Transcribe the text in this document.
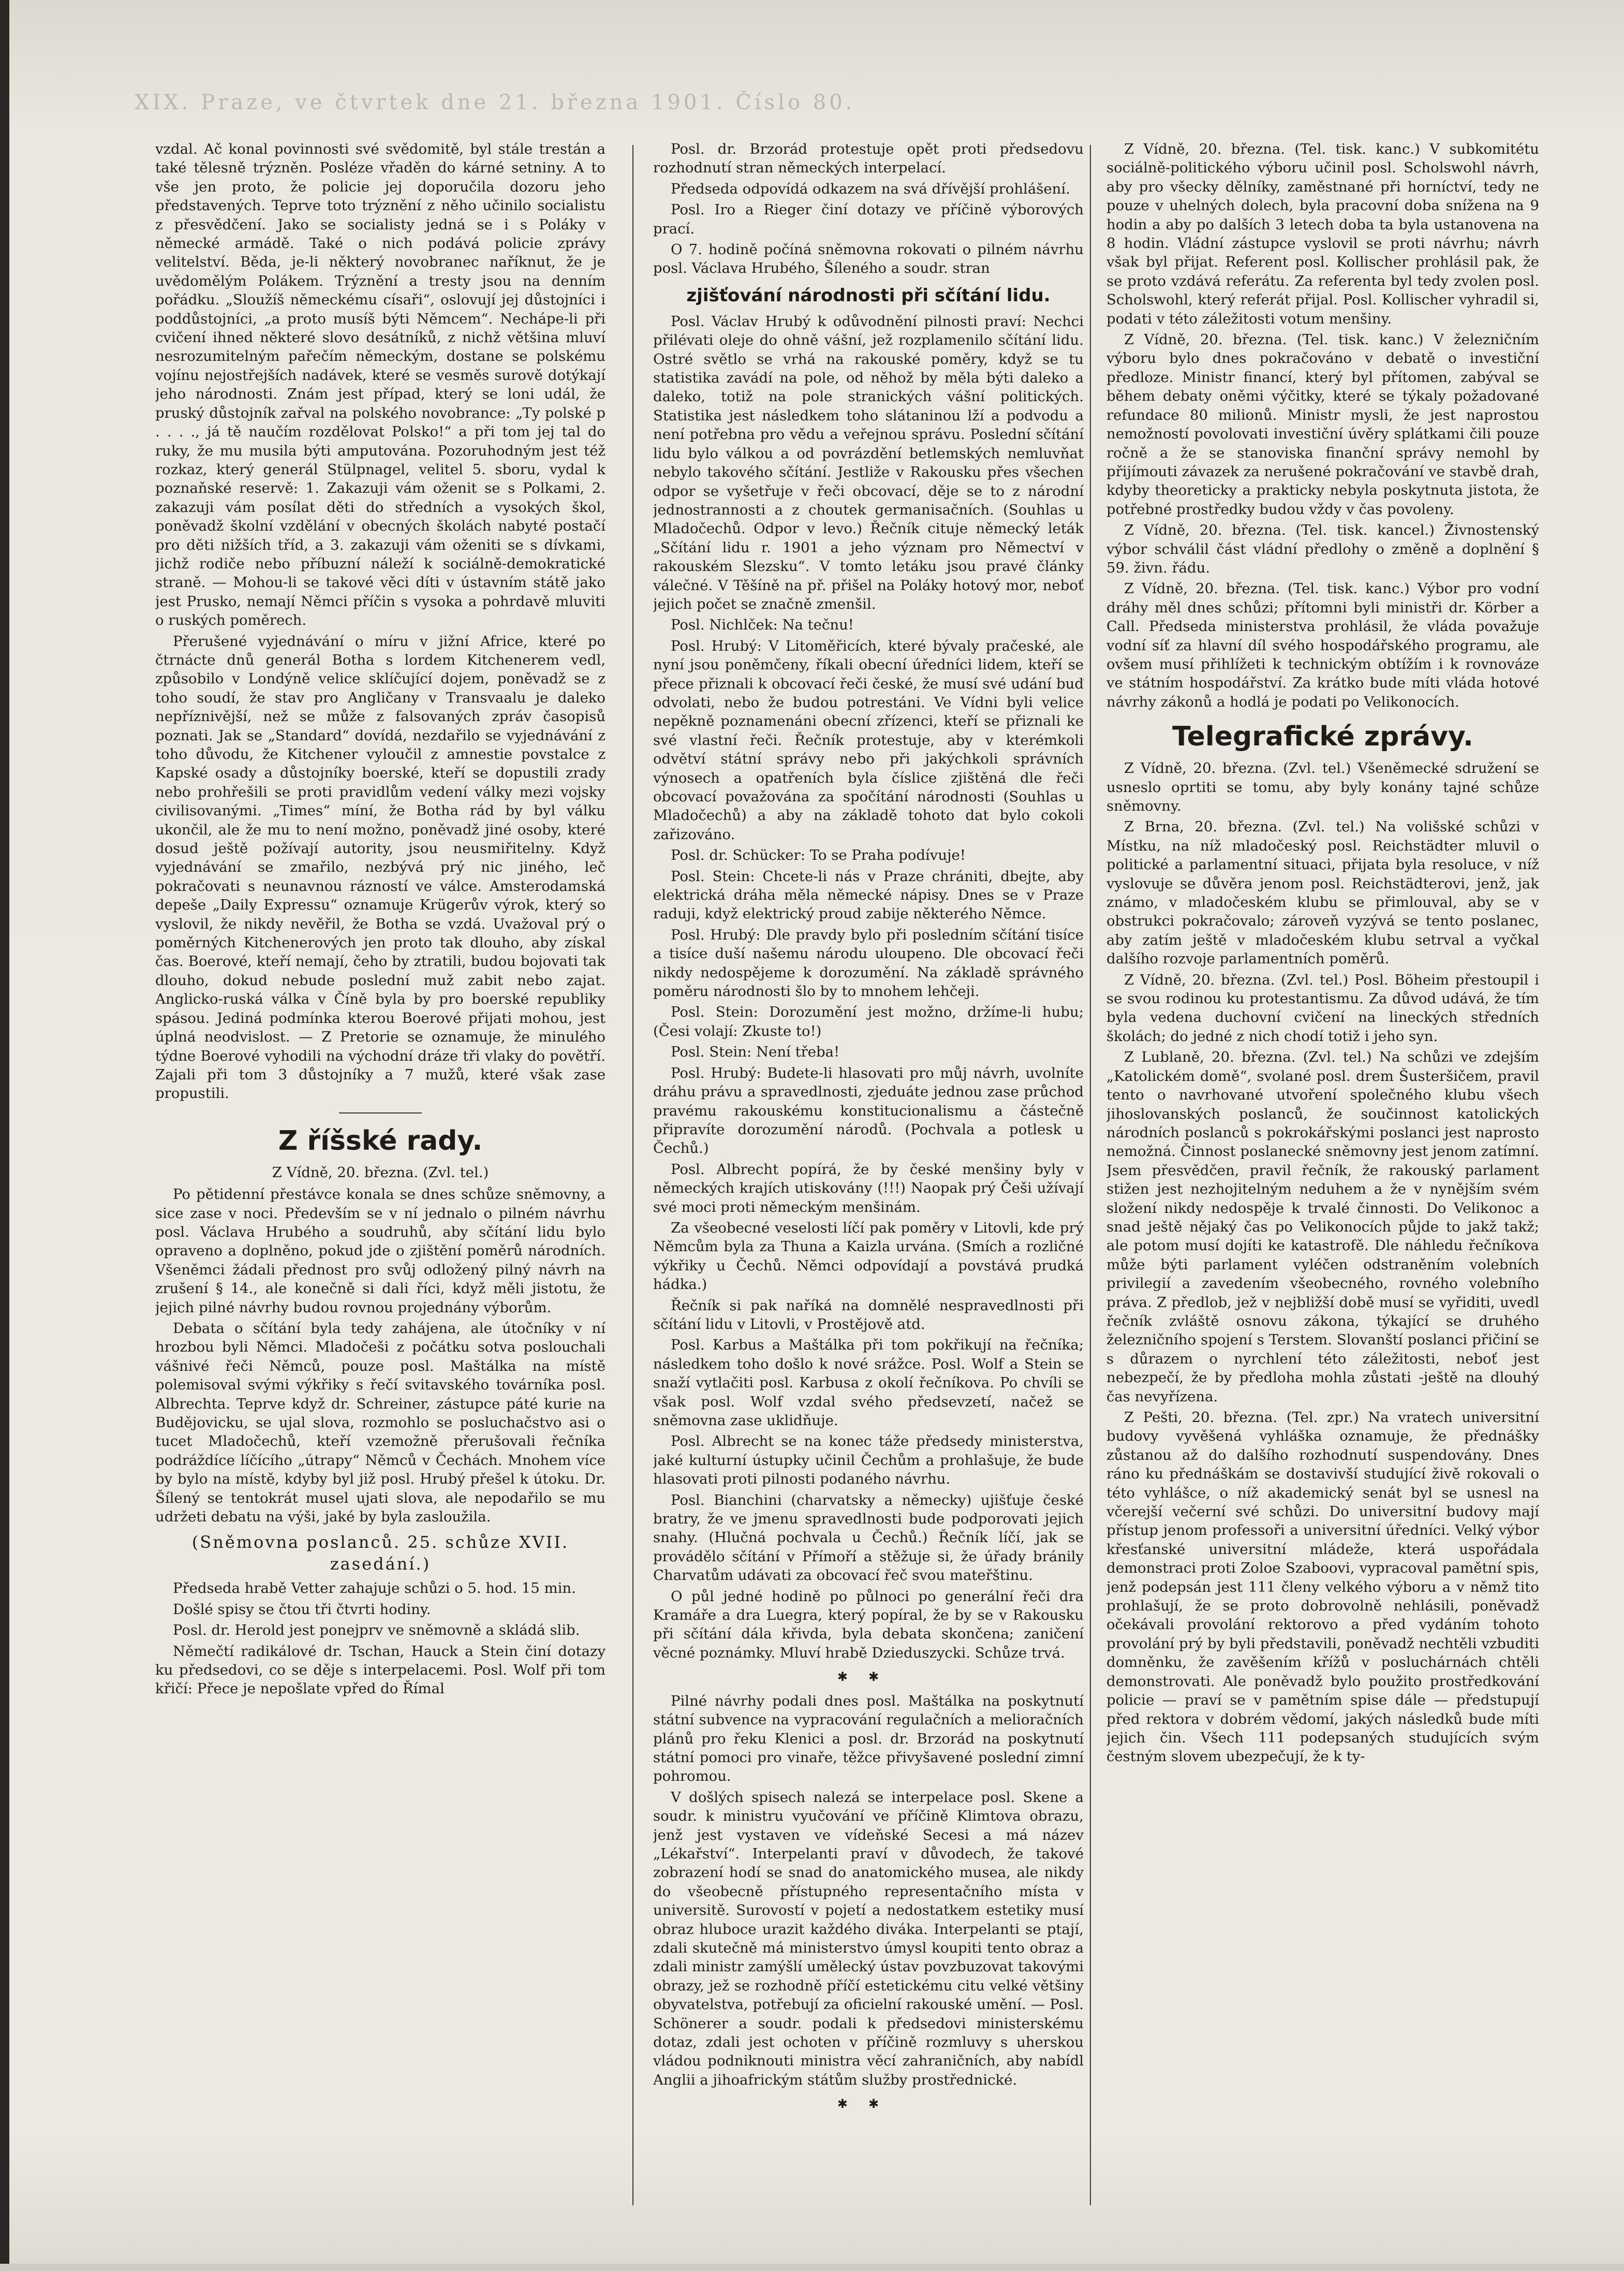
XIX. Praze, ve čtvrtek dne 21. března 1901. Číslo 80.

vzdal. Ač konal povinnosti své svědomitě, byl stále trestán a také tělesně trýzněn. Posléze vřaděn do kárné setniny. A to vše jen proto, že policie jej doporučila dozoru jeho představených. Teprve toto trýznění z něho učinilo socialistu z přesvědčení. Jako se socialisty jedná se i s Poláky v německé armádě. Také o nich podává policie zprávy velitelství. Běda, je-li některý novobranec naříknut, že je uvědomělým Polákem. Trýznění a tresty jsou na denním pořádku. „Sloužíš německému císaři“, oslovují jej důstojníci i poddůstojníci, „a proto musíš býti Němcem“. Nechápe-li při cvičení ihned některé slovo desátníků, z nichž většina mluví nesrozumitelným pařečím německým, dostane se polskému vojínu nejostřejších nadávek, které se vesměs surově dotýkají jeho národnosti. Znám jest případ, který se loni udál, že pruský důstojník zařval na polského novobrance: „Ty polské p . . . ., já tě naučím rozdělovat Polsko!“ a při tom jej tal do ruky, že mu musila býti amputována. Pozoruhodným jest též rozkaz, který generál Stülpnagel, velitel 5. sboru, vydal k poznaňské reservě: 1. Zakazuji vám oženit se s Polkami, 2. zakazuji vám posílat děti do středních a vysokých škol, poněvadž školní vzdělání v obecných školách nabyté postačí pro děti nižších tříd, a 3. zakazuji vám oženiti se s dívkami, jichž rodiče nebo příbuzní náleží k sociálně-demokratické straně. — Mohou-li se takové věci díti v ústavním státě jako jest Prusko, nemají Němci příčin s vysoka a pohrdavě mluviti o ruských poměrech.

Přerušené vyjednávání o míru v jižní Africe, které po čtrnácte dnů generál Botha s lordem Kitchenerem vedl, způsobilo v Londýně velice sklíčující dojem, poněvadž se z toho soudí, že stav pro Angličany v Transvaalu je daleko nepříznivější, než se může z falsovaných zpráv časopisů poznati. Jak se „Standard“ dovídá, nezdařilo se vyjednávání z toho důvodu, že Kitchener vyloučil z amnestie povstalce z Kapské osady a důstojníky boerské, kteří se dopustili zrady nebo prohřešili se proti pravidlům vedení války mezi vojsky civilisovanými. „Times“ míní, že Botha rád by byl válku ukončil, ale že mu to není možno, poněvadž jiné osoby, které dosud ještě požívají autority, jsou neusmiřitelny. Když vyjednávání se zmařilo, nezbývá prý nic jiného, leč pokračovati s neunavnou rázností ve válce. Amsterodamská depeše „Daily Expressu“ oznamuje Krügerův výrok, který so vyslovil, že nikdy nevěřil, že Botha se vzdá. Uvažoval prý o poměrných Kitchenerových jen proto tak dlouho, aby získal čas. Boerové, kteří nemají, čeho by ztratili, budou bojovati tak dlouho, dokud nebude poslední muž zabit nebo zajat. Anglicko-ruská válka v Číně byla by pro boerské republiky spásou. Jediná podmínka kterou Boerové přijati mohou, jest úplná neodvislost. — Z Pretorie se oznamuje, že minulého týdne Boerové vyhodili na východní dráze tři vlaky do povětří. Zajali při tom 3 důstojníky a 7 mužů, které však zase propustili.

Z říšské rady.

Z Vídně, 20. března. (Zvl. tel.)

Po pětidenní přestávce konala se dnes schůze sněmovny, a sice zase v noci. Především se v ní jednalo o pilném návrhu posl. Václava Hrubého a soudruhů, aby sčítání lidu bylo opraveno a doplněno, pokud jde o zjištění poměrů národních. Všeněmci žádali přednost pro svůj odložený pilný návrh na zrušení § 14., ale konečně si dali říci, když měli jistotu, že jejich pilné návrhy budou rovnou projednány výborům.

Debata o sčítání byla tedy zahájena, ale útočníky v ní hrozbou byli Němci. Mladočeši z počátku sotva poslouchali vášnivé řeči Němců, pouze posl. Maštálka na místě polemisoval svými výkřiky s řečí svitavského továrníka posl. Albrechta. Teprve když dr. Schreiner, zástupce páté kurie na Budějovicku, se ujal slova, rozmohlo se posluchačstvo asi o tucet Mladočechů, kteří vzemožně přerušovali řečníka podráždíce líčícího „útrapy“ Němců v Čechách. Mnohem více by bylo na místě, kdyby byl již posl. Hrubý přešel k útoku. Dr. Šílený se tentokrát musel ujati slova, ale nepodařilo se mu udržeti debatu na výši, jaké by byla zasloužila.

(Sněmovna poslanců. 25. schůze XVII. zasedání.)

Předseda hrabě Vetter zahajuje schůzi o 5. hod. 15 min.

Došlé spisy se čtou tři čtvrti hodiny.

Posl. dr. Herold jest ponejprv ve sněmovně a skládá slib.

Němečtí radikálové dr. Tschan, Hauck a Stein činí dotazy ku předsedovi, co se děje s interpelacemi. Posl. Wolf při tom křičí: Přece je nepošlate vpřed do Římal

Posl. dr. Brzorád protestuje opět proti předsedovu rozhodnutí stran německých interpelací.

Předseda odpovídá odkazem na svá dřívější prohlášení.

Posl. Iro a Rieger činí dotazy ve příčině výborových prací.

O 7. hodině počíná sněmovna rokovati o pilném návrhu posl. Václava Hrubého, Šíleného a soudr. stran

zjišťování národnosti při sčítání lidu.

Posl. Václav Hrubý k odůvodnění pilnosti praví: Nechci přilévati oleje do ohně vášní, jež rozplamenilo sčítání lidu. Ostré světlo se vrhá na rakouské poměry, když se tu statistika zavádí na pole, od něhož by měla býti daleko a daleko, totiž na pole stranických vášní politických. Statistika jest následkem toho slátaninou lží a podvodu a není potřebna pro vědu a veřejnou správu. Poslední sčítání lidu bylo válkou a od povrázdění betlemských nemluvňat nebylo takového sčítání. Jestliže v Rakousku přes všechen odpor se vyšetřuje v řeči obcovací, děje se to z národní jednostrannosti a z choutek germanisačních. (Souhlas u Mladočechů. Odpor v levo.) Řečník cituje německý leták „Sčítání lidu r. 1901 a jeho význam pro Němectví v rakouském Slezsku“. V tomto letáku jsou pravé články válečné. V Těšíně na př. přišel na Poláky hotový mor, neboť jejich počet se značně zmenšil.

Posl. Nichlček: Na tečnu!

Posl. Hrubý: V Litoměřicích, které bývaly pračeské, ale nyní jsou poněmčeny, říkali obecní úředníci lidem, kteří se přece přiznali k obcovací řeči české, že musí své udání buď odvolati, nebo že budou potrestáni. Ve Vídni byli velice nepěkně poznamenáni obecní zřízenci, kteří se přiznali ke své vlastní řeči. Řečník protestuje, aby v kterémkoli odvětví státní správy nebo při jakýchkoli správních výnosech a opatřeních byla číslice zjištěná dle řeči obcovací považována za spočítání národnosti (Souhlas u Mladočechů) a aby na základě tohoto dat bylo cokoli zařizováno.

Posl. dr. Schücker: To se Praha podívuje!

Posl. Stein: Chcete-li nás v Praze chrániti, dbejte, aby elektrická dráha měla německé nápisy. Dnes se v Praze raduji, když elektrický proud zabije některého Němce.

Posl. Hrubý: Dle pravdy bylo při posledním sčítání tisíce a tisíce duší našemu národu uloupeno. Dle obcovací řeči nikdy nedospějeme k dorozumění. Na základě správného poměru národnosti šlo by to mnohem lehčeji.

Posl. Stein: Dorozumění jest možno, držíme-li hubu; (Česi volají: Zkuste to!)

Posl. Stein: Není třeba!

Posl. Hrubý: Budete-li hlasovati pro můj návrh, uvolníte dráhu právu a spravedlnosti, zjeduáte jednou zase průchod pravému rakouskému konstitucionalismu a částečně připravíte dorozumění národů. (Pochvala a potlesk u Čechů.)

Posl. Albrecht popírá, že by české menšiny byly v německých krajích utiskovány (!!!) Naopak prý Češi užívají své moci proti německým menšinám.

Za všeobecné veselosti líčí pak poměry v Litovli, kde prý Němcům byla za Thuna a Kaizla urvána. (Smích a rozličné výkřiky u Čechů. Němci odpovídají a povstává prudká hádka.)

Řečník si pak naříká na domnělé nespravedlnosti při sčítání lidu v Litovli, v Prostějově atd.

Posl. Karbus a Maštálka při tom pokřikují na řečníka; následkem toho došlo k nové srážce. Posl. Wolf a Stein se snaží vytlačiti posl. Karbusa z okolí řečníkova. Po chvíli se však posl. Wolf vzdal svého předsevzetí, načež se sněmovna zase uklidňuje.

Posl. Albrecht se na konec táže předsedy ministerstva, jaké kulturní ústupky učinil Čechům a prohlašuje, že bude hlasovati proti pilnosti podaného návrhu.

Posl. Bianchini (charvatsky a německy) ujišťuje české bratry, že ve jmenu spravedlnosti bude podporovati jejich snahy. (Hlučná pochvala u Čechů.) Řečník líčí, jak se provádělo sčítání v Přímoří a stěžuje si, že úřady bránily Charvatům udávati za obcovací řeč svou mateřštinu.

O půl jedné hodině po půlnoci po generální řeči dra Kramáře a dra Luegra, který popíral, že by se v Rakousku při sčítání dála křivda, byla debata skončena; zaničení věcné poznámky. Mluví hrabě Dzieduszycki. Schůze trvá.

✱✱

Pilné návrhy podali dnes posl. Maštálka na poskytnutí státní subvence na vypracování regulačních a melioračních plánů pro řeku Klenici a posl. dr. Brzorád na poskytnutí státní pomoci pro vinaře, těžce přivyšavené poslední zimní pohromou.

V došlých spisech nalezá se interpelace posl. Skene a soudr. k ministru vyučování ve příčině Klimtova obrazu, jenž jest vystaven ve vídeňské Secesi a má název „Lékařství“. Interpelanti praví v důvodech, že takové zobrazení hodí se snad do anatomického musea, ale nikdy do všeobecně přístupného representačního místa v universitě. Surovostí v pojetí a nedostatkem estetiky musí obraz hluboce urazit každého diváka. Interpelanti se ptají, zdali skutečně má ministerstvo úmysl koupiti tento obraz a zdali ministr zamýšlí umělecký ústav povzbuzovat takovými obrazy, jež se rozhodně příčí estetickému citu velké většiny obyvatelstva, potřebují za oficielní rakouské umění. — Posl. Schönerer a soudr. podali k předsedovi ministerskému dotaz, zdali jest ochoten v příčině rozmluvy s uherskou vládou podniknouti ministra věcí zahraničních, aby nabídl Anglii a jihoafrickým státům služby prostřednické.

✱✱

Z Vídně, 20. března. (Tel. tisk. kanc.) V subkomitétu sociálně-politického výboru učinil posl. Scholswohl návrh, aby pro všecky dělníky, zaměstnané při horníctví, tedy ne pouze v uhelných dolech, byla pracovní doba snížena na 9 hodin a aby po dalších 3 letech doba ta byla ustanovena na 8 hodin. Vládní zástupce vyslovil se proti návrhu; návrh však byl přijat. Referent posl. Kollischer prohlásil pak, že se proto vzdává referátu. Za referenta byl tedy zvolen posl. Scholswohl, který referát přijal. Posl. Kollischer vyhradil si, podati v této záležitosti votum menšiny.

Z Vídně, 20. března. (Tel. tisk. kanc.) V železničním výboru bylo dnes pokračováno v debatě o investiční předloze. Ministr financí, který byl přítomen, zabýval se během debaty oněmi výčitky, které se týkaly požadované refundace 80 milionů. Ministr mysli, že jest naprostou nemožností povolovati investiční úvěry splátkami čili pouze ročně a že se stanoviska finanční správy nemohl by přijímouti závazek za nerušené pokračování ve stavbě drah, kdyby theoreticky a prakticky nebyla poskytnuta jistota, že potřebné prostředky budou vždy v čas povoleny.

Z Vídně, 20. března. (Tel. tisk. kancel.) Živnostenský výbor schválil část vládní předlohy o změně a doplnění § 59. živn. řádu.

Z Vídně, 20. března. (Tel. tisk. kanc.) Výbor pro vodní dráhy měl dnes schůzi; přítomni byli ministři dr. Körber a Call. Předseda ministerstva prohlásil, že vláda považuje vodní síť za hlavní díl svého hospodářského programu, ale ovšem musí přihlížeti k technickým obtížím i k rovnováze ve státním hospodářství. Za krátko bude míti vláda hotové návrhy zákonů a hodlá je podati po Velikonocích.

Telegrafické zprávy.

Z Vídně, 20. března. (Zvl. tel.) Všeněmecké sdružení se usneslo oprtiti se tomu, aby byly konány tajné schůze sněmovny.

Z Brna, 20. března. (Zvl. tel.) Na volišské schůzi v Místku, na níž mladočeský posl. Reichstädter mluvil o politické a parlamentní situaci, přijata byla resoluce, v níž vyslovuje se důvěra jenom posl. Reichstädterovi, jenž, jak známo, v mladočeském klubu se přimlouval, aby se v obstrukci pokračovalo; zároveň vyzývá se tento poslanec, aby zatím ještě v mladočeském klubu setrval a vyčkal dalšího rozvoje parlamentních poměrů.

Z Vídně, 20. března. (Zvl. tel.) Posl. Böheim přestoupil i se svou rodinou ku protestantismu. Za důvod udává, že tím byla vedena duchovní cvičení na lineckých středních školách; do jedné z nich chodí totiž i jeho syn.

Z Lublaně, 20. března. (Zvl. tel.) Na schůzi ve zdejším „Katolickém domě“, svolané posl. drem Šusteršičem, pravil tento o navrhované utvoření společného klubu všech jihoslovanských poslanců, že součinnost katolických národních poslanců s pokrokářskými poslanci jest naprosto nemožná. Činnost poslanecké sněmovny jest jenom zatímní. Jsem přesvědčen, pravil řečník, že rakouský parlament stižen jest nezhojitelným neduhem a že v nynějším svém složení nikdy nedospěje k trvalé činnosti. Do Velikonoc a snad ještě nějaký čas po Velikonocích půjde to jakž takž; ale potom musí dojíti ke katastrofě. Dle náhledu řečníkova může býti parlament vyléčen odstraněním volebních privilegií a zavedením všeobecného, rovného volebního práva. Z předlob, jež v nejbližší době musí se vyřiditi, uvedl řečník zvláště osnovu zákona, týkající se druhého železničního spojení s Terstem. Slovanští poslanci přičiní se s důrazem o nyrchlení této záležitosti, neboť jest nebezpečí, že by předloha mohla zůstati -ještě na dlouhý čas nevyřízena.

Z Pešti, 20. března. (Tel. zpr.) Na vratech universitní budovy vyvěšená vyhláška oznamuje, že přednášky zůstanou až do dalšího rozhodnutí suspendovány. Dnes ráno ku přednáškám se dostavivší studující živě rokovali o této vyhlášce, o níž akademický senát byl se usnesl na včerejší večerní své schůzi. Do universitní budovy mají přístup jenom professoři a universitní úředníci. Velký výbor křesťanské universitní mládeže, která uspořádala demonstraci proti Zoloe Szaboovi, vypracoval pamětní spis, jenž podepsán jest 111 členy velkého výboru a v němž tito prohlašují, že se proto dobrovolně nehlásili, poněvadž očekávali provolání rektorovo a před vydáním tohoto provolání prý by byli představili, poněvadž nechtěli vzbuditi domněnku, že zavěšením křížů v posluchárnách chtěli demonstrovati. Ale poněvadž bylo použito prostředkování policie — praví se v pamětním spise dále — předstupují před rektora v dobrém vědomí, jakých následků bude míti jejich čin. Všech 111 podepsaných studujících svým čestným slovem ubezpečují, že k ty-
